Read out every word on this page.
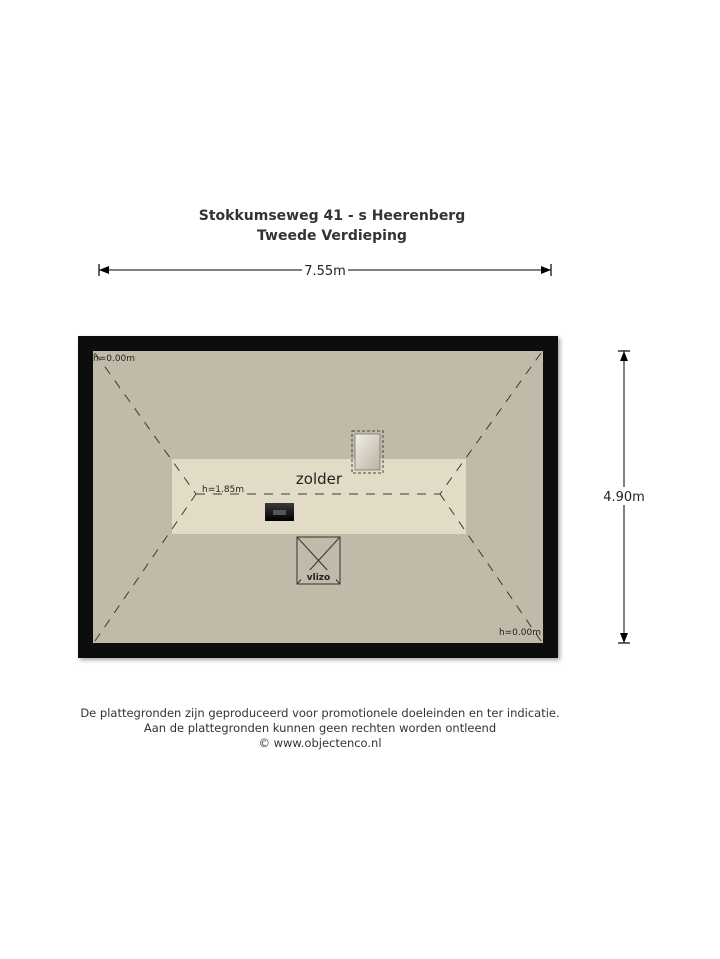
Stokkumseweg 41 - s Heerenberg
Tweede Verdieping
7.55m
4.90m
vlizo
zolder
h=1.85m
h=0.00m
h=0.00m
De plattegronden zijn geproduceerd voor promotionele doeleinden en ter indicatie.
Aan de plattegronden kunnen geen rechten worden ontleend
© www.objectenco.nl
